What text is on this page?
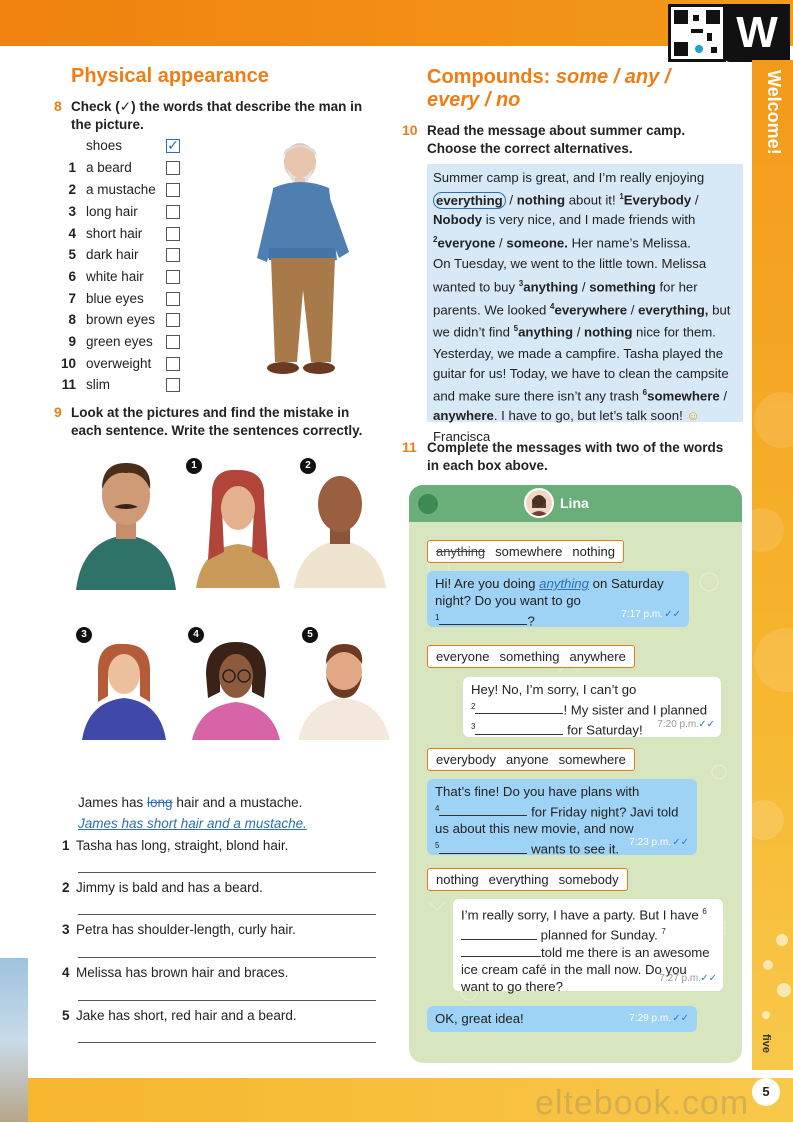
W
Welcome!
five
5
eltebook.com
Physical appearance
8 Check (✓) the words that describe the man in the picture.
shoes	✓
1 a beard
2 a mustache
3 long hair
4 short hair
5 dark hair
6 white hair
7 blue eyes
8 brown eyes
9 green eyes
10 overweight
11 slim
9 Look at the pictures and find the mistake in each sentence. Write the sentences correctly.
1	2
3	4	5
James has long hair and a mustache.
James has short hair and a mustache.
1 Tasha has long, straight, blond hair.
2 Jimmy is bald and has a beard.
3 Petra has shoulder-length, curly hair.
4 Melissa has brown hair and braces.
5 Jake has short, red hair and a beard.
Compounds: some / any / every / no
10 Read the message about summer camp. Choose the correct alternatives.

Summer camp is great, and I’m really enjoying everything / nothing about it! $^1$Everybody / Nobody is very nice, and I made friends with $^2$everyone / someone. Her name’s Melissa.

On Tuesday, we went to the little town. Melissa wanted to buy $^3$anything / something for her parents. We looked $^4$everywhere / everything, but we didn’t find $^5$anything / nothing nice for them.

Yesterday, we made a campfire. Tasha played the guitar for us! Today, we have to clean the campsite and make sure there isn’t any trash $^6$somewhere / anywhere. I have to go, but let’s talk soon! ☺

Francisca

11 Complete the messages with two of the words in each box above.
Lina
anything somewhere nothing
Hi! Are you doing anything on Saturday night? Do you want to go
$^1$	?	7:17 p.m. ✓✓
everyone something anywhere
Hey! No, I’m sorry, I can’t go
$^2$	! My sister and I planned
$^3$	for Saturday! 7:20 p.m. ✓✓
everybody anyone somewhere
That’s fine! Do you have plans with
$^4$	for Friday night? Javi told us about this new movie, and now
$^5$	wants to see it. 7:23 p.m. ✓✓
nothing everything somebody
I’m really sorry, I have a party. But I have $^6$ planned for Sunday. $^7$told me there is an awesome ice cream café in the mall now. Do you want to go there?
7:27 p.m. ✓✓
OK, great idea!	7:29 p.m. ✓✓
